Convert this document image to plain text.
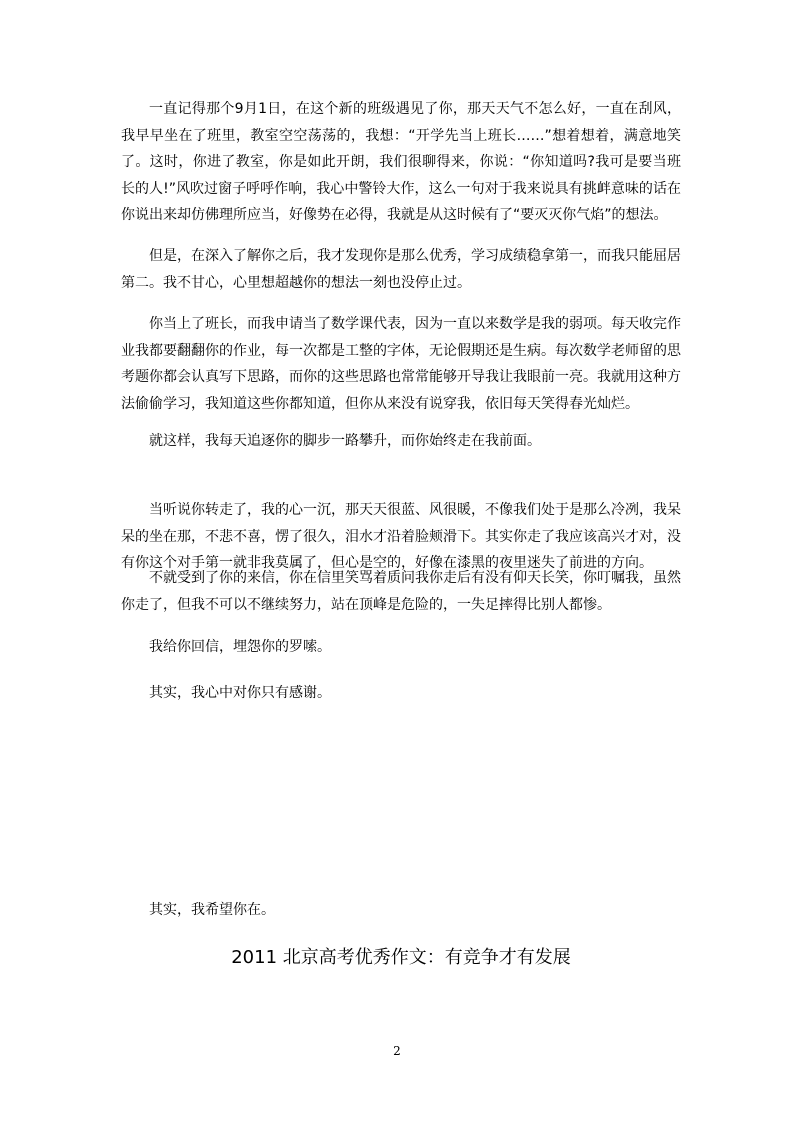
一直记得那个9月1日，在这个新的班级遇见了你，那天天气不怎么好，一直在刮风，我早早坐在了班里，教室空空荡荡的，我想：“开学先当上班长……”想着想着，满意地笑了。这时，你进了教室，你是如此开朗，我们很聊得来，你说：“你知道吗?我可是要当班长的人!”风吹过窗子呼呼作响，我心中警铃大作，这么一句对于我来说具有挑衅意味的话在你说出来却仿佛理所应当，好像势在必得，我就是从这时候有了“要灭灭你气焰”的想法。

但是，在深入了解你之后，我才发现你是那么优秀，学习成绩稳拿第一，而我只能屈居第二。我不甘心，心里想超越你的想法一刻也没停止过。

你当上了班长，而我申请当了数学课代表，因为一直以来数学是我的弱项。每天收完作业我都要翻翻你的作业，每一次都是工整的字体，无论假期还是生病。每次数学老师留的思考题你都会认真写下思路，而你的这些思路也常常能够开导我让我眼前一亮。我就用这种方法偷偷学习，我知道这些你都知道，但你从来没有说穿我，依旧每天笑得春光灿烂。

就这样，我每天追逐你的脚步一路攀升，而你始终走在我前面。

当听说你转走了，我的心一沉，那天天很蓝、风很暖，不像我们处于是那么冷冽，我呆呆的坐在那，不悲不喜，愣了很久，泪水才沿着脸颊滑下。其实你走了我应该高兴才对，没有你这个对手第一就非我莫属了，但心是空的，好像在漆黑的夜里迷失了前进的方向。

不就受到了你的来信，你在信里笑骂着质问我你走后有没有仰天长笑，你叮嘱我，虽然你走了，但我不可以不继续努力，站在顶峰是危险的，一失足摔得比别人都惨。

我给你回信，埋怨你的罗嗦。

其实，我心中对你只有感谢。

其实，我希望你在。

2011 北京高考优秀作文：有竞争才有发展
2
